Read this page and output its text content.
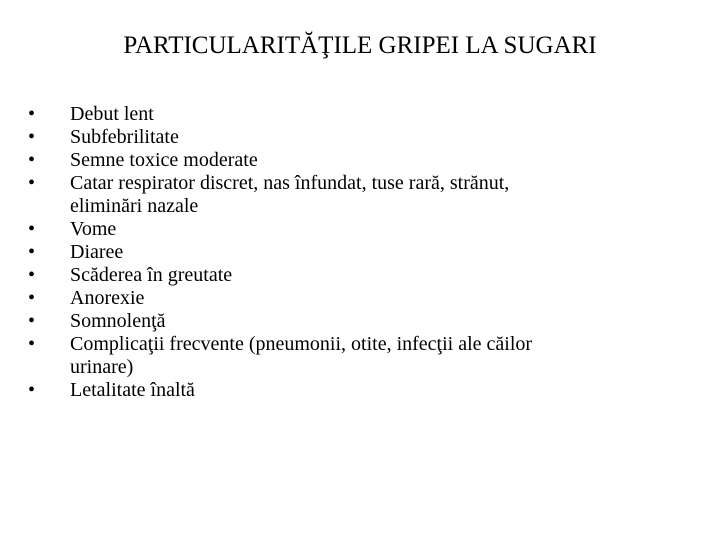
PARTICULARITĂŢILE GRIPEI LA SUGARI
• Debut lent
• Subfebrilitate
• Semne toxice moderate
• Catar respirator discret, nas înfundat, tuse rară, strănut,
eliminări nazale
• Vome
• Diaree
• Scăderea în greutate
• Anorexie
• Somnolenţă
• Complicaţii frecvente (pneumonii, otite, infecţii ale căilor
urinare)
• Letalitate înaltă
